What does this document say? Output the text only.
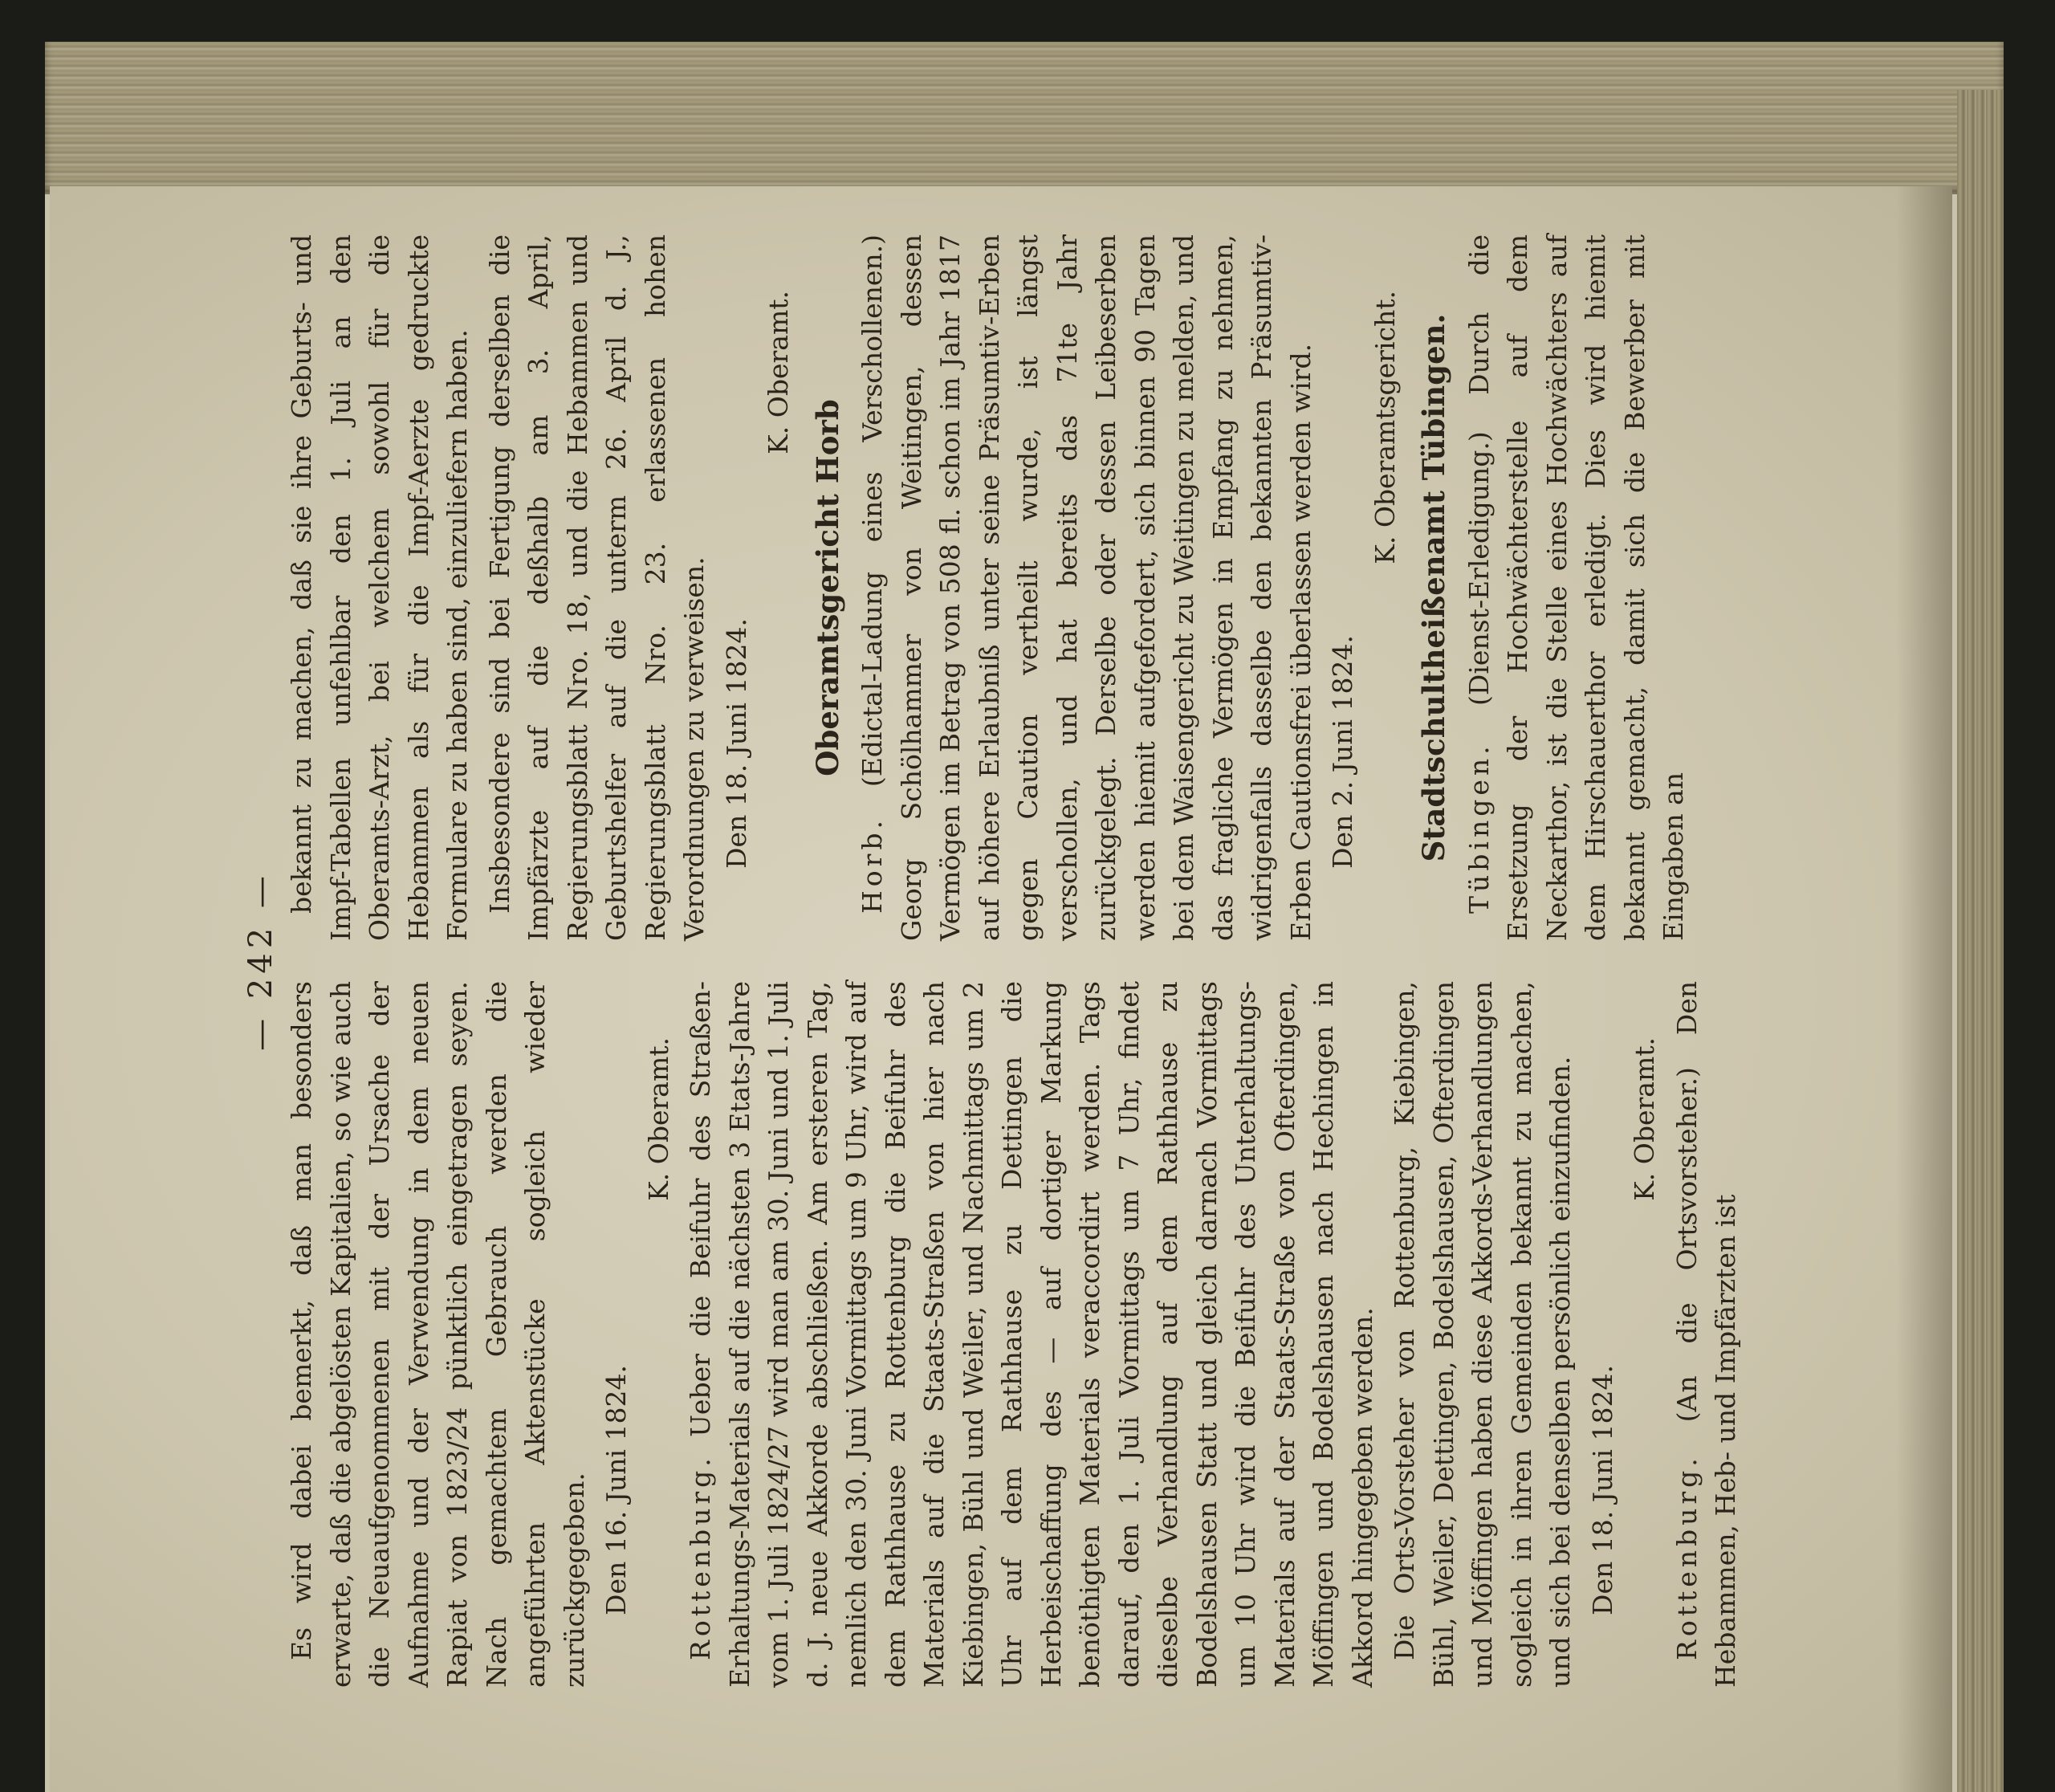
— 242 —

Es wird dabei bemerkt, daß man besonders erwarte, daß die abgelösten Kapitalien, so wie auch die Neuaufgenommenen mit der Ursache der Aufnahme und der Verwendung in dem neuen Rapiat von 1823/24 pünktlich eingetragen seyen. Nach gemachtem Gebrauch werden die angeführten Aktenstücke sogleich wieder zurückgegeben. Den 16. Juni 1824.

K. Oberamt.

Rottenburg. Ueber die Beifuhr des Straßen-Erhaltungs-Materials auf die nächsten 3 Etats-Jahre vom 1. Juli 1824/27 wird man am 30. Juni und 1. Juli d. J. neue Akkorde abschließen. Am ersteren Tag, nemlich den 30. Juni Vormittags um 9 Uhr, wird auf dem Rathhause zu Rottenburg die Beifuhr des Materials auf die Staats-Straßen von hier nach Kiebingen, Bühl und Weiler, und Nachmittags um 2 Uhr auf dem Rathhause zu Dettingen die Herbeischaffung des — auf dortiger Markung benöthigten Materials veraccordirt werden. Tags darauf, den 1. Juli Vormittags um 7 Uhr, findet dieselbe Verhandlung auf dem Rathhause zu Bodelshausen Statt und gleich darnach Vormittags um 10 Uhr wird die Beifuhr des Unterhaltungs-Materials auf der Staats-Straße von Ofterdingen, Möffingen und Bodelshausen nach Hechingen in Akkord hingegeben werden. Die Orts-Vorsteher von Rottenburg, Kiebingen, Bühl, Weiler, Dettingen, Bodelshausen, Ofterdingen und Möffingen haben diese Akkords-Verhandlungen sogleich in ihren Gemeinden bekannt zu machen, und sich bei denselben persönlich einzufinden. Den 18. Juni 1824.

K. Oberamt.

Rottenburg. (An die Ortsvorsteher.) Den Hebammen, Heb- und Impfärzten ist

bekannt zu machen, daß sie ihre Geburts- und Impf-Tabellen unfehlbar den 1. Juli an den Oberamts-Arzt, bei welchem sowohl für die Hebammen als für die Impf-Aerzte gedruckte Formulare zu haben sind, einzuliefern haben. Insbesondere sind bei Fertigung derselben die Impfärzte auf die deßhalb am 3. April, Regierungsblatt Nro. 18, und die Hebammen und Geburtshelfer auf die unterm 26. April d. J., Regierungsblatt Nro. 23. erlassenen hohen Verordnungen zu verweisen. Den 18. Juni 1824.

K. Oberamt.

Oberamtsgericht Horb

Horb. (Edictal-Ladung eines Verschollenen.) Georg Schölhammer von Weitingen, dessen Vermögen im Betrag von 508 fl. schon im Jahr 1817 auf höhere Erlaubniß unter seine Präsumtiv-Erben gegen Caution vertheilt wurde, ist längst verschollen, und hat bereits das 71te Jahr zurückgelegt. Derselbe oder dessen Leibeserben werden hiemit aufgefordert, sich binnen 90 Tagen bei dem Waisengericht zu Weitingen zu melden, und das fragliche Vermögen in Empfang zu nehmen, widrigenfalls dasselbe den bekannten Präsumtiv-Erben Cautionsfrei überlassen werden wird. Den 2. Juni 1824.

K. Oberamtsgericht. Stadtschultheißenamt Tübingen. Tübingen. (Dienst-Erledigung.) Durch die Ersetzung der Hochwächterstelle auf dem Neckarthor, ist die Stelle eines Hochwächters auf dem Hirschauerthor erledigt. Dies wird hiemit bekannt gemacht, damit sich die Bewerber mit Eingaben an
